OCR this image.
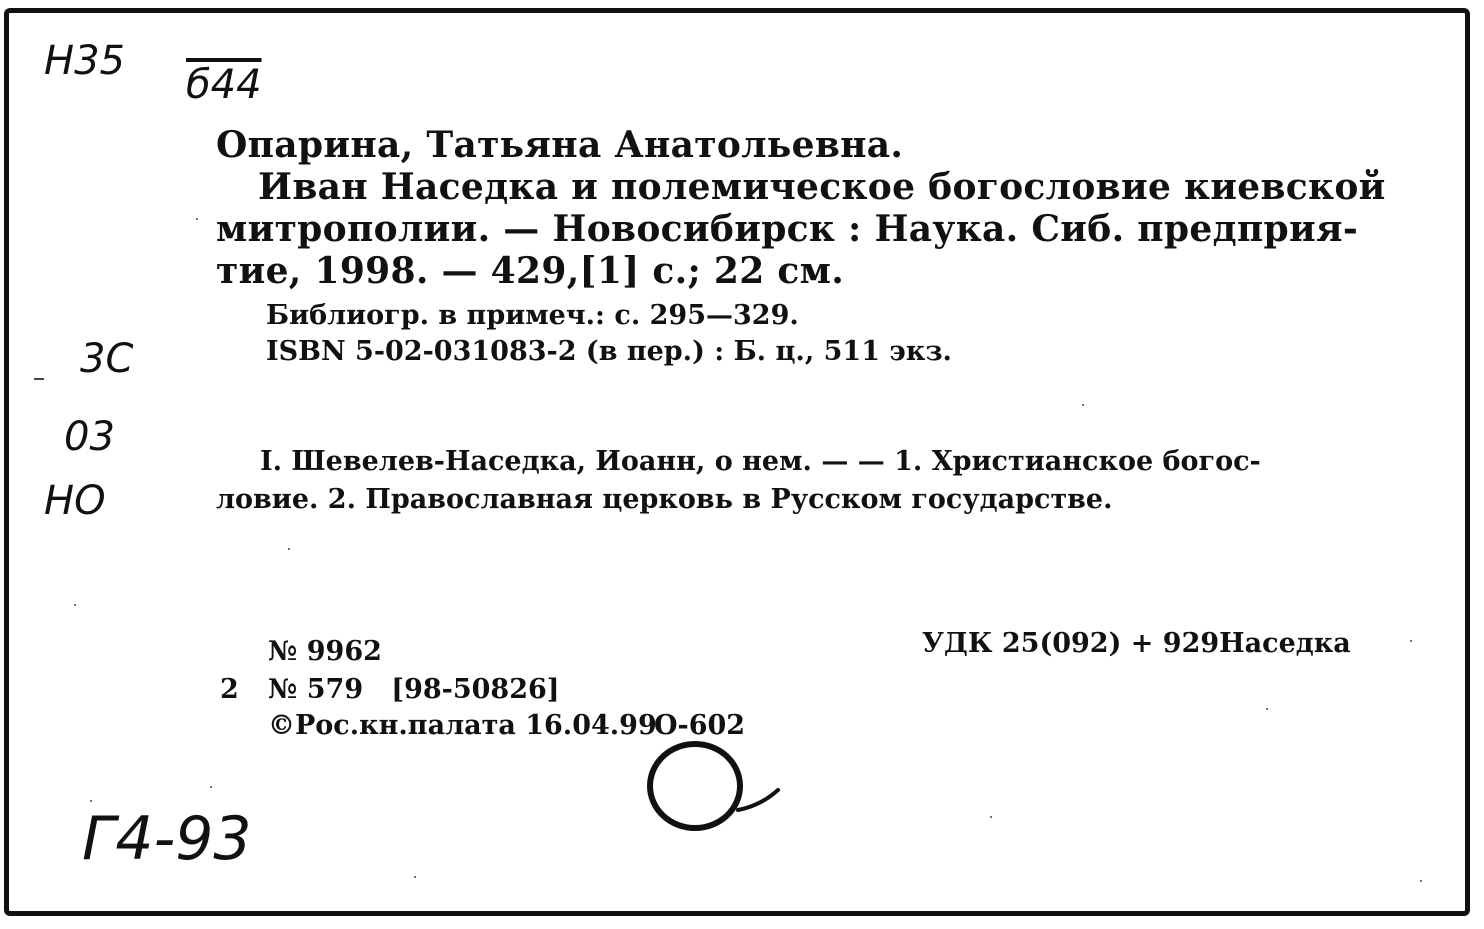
Н35
б44
3С
03
НО
Г4-93
Опарина, Татьяна Анатольевна.
Иван Наседка и полемическое богословие киевской
митрополии. — Новосибирск : Наука. Сиб. предприя-
тие, 1998. — 429,[1] с.; 22 см.
Библиогр. в примеч.: с. 295—329.
ISBN 5-02-031083-2 (в пер.) : Б. ц., 511 экз.
I. Шевелев-Наседка, Иоанн, о нем. — — 1. Христианское богос-
ловие. 2. Православная церковь в Русском государстве.
№ 9962	УДК 25(092) + 929Наседка
2 № 579   [98-50826]
©Рос.кн.палата 16.04.99
О-602
